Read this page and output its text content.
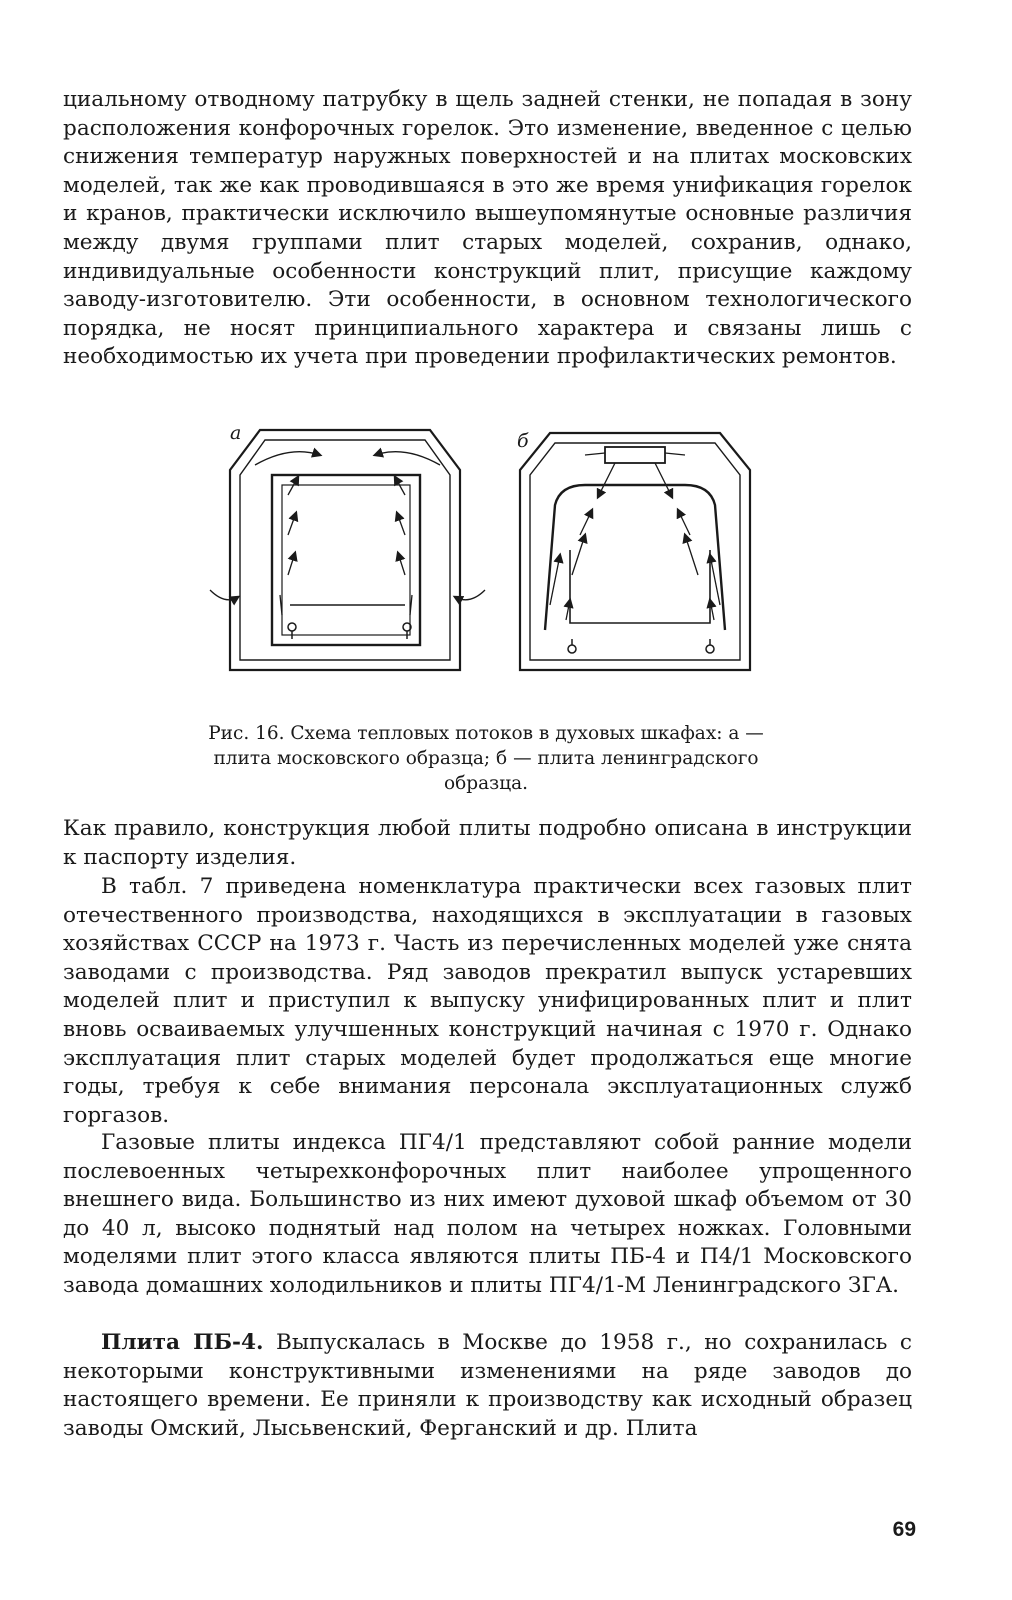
циальному отводному патрубку в щель задней стенки, не попадая в зону расположения конфорочных горелок. Это изменение, введенное с целью снижения температур наружных поверхностей и на плитах московских моделей, так же как проводившаяся в это же время унификация горелок и кранов, практически исключило вышеупомянутые основные различия между двумя группами плит старых моделей, сохранив, однако, индивидуальные особенности конструкций плит, присущие каждому заводу-изготовителю. Эти особенности, в основном технологического порядка, не носят принципиального характера и связаны лишь с необходимостью их учета при проведении профилактических ремонтов.

а	б

Рис. 16. Схема тепловых потоков в духовых шкафах: а — плита московского образца; б — плита ленинградского образца.

Как правило, конструкция любой плиты подробно описана в инструкции к паспорту изделия.

В табл. 7 приведена номенклатура практически всех газовых плит отечественного производства, находящихся в эксплуатации в газовых хозяйствах СССР на 1973 г. Часть из перечисленных моделей уже снята заводами с производства. Ряд заводов прекратил выпуск устаревших моделей плит и приступил к выпуску унифицированных плит и плит вновь осваиваемых улучшенных конструкций начиная с 1970 г. Однако эксплуатация плит старых моделей будет продолжаться еще многие годы, требуя к себе внимания персонала эксплуатационных служб горгазов.

Газовые плиты индекса ПГ4/1 представляют собой ранние модели послевоенных четырехконфорочных плит наиболее упрощенного внешнего вида. Большинство из них имеют духовой шкаф объемом от 30 до 40 л, высоко поднятый над полом на четырех ножках. Головными моделями плит этого класса являются плиты ПБ-4 и П4/1 Московского завода домашних холодильников и плиты ПГ4/1-М Ленинградского ЗГА.

Плита ПБ-4. Выпускалась в Москве до 1958 г., но сохранилась с некоторыми конструктивными изменениями на ряде заводов до настоящего времени. Ее приняли к производству как исходный образец заводы Омский, Лысьвенский, Ферганский и др. Плита

69
